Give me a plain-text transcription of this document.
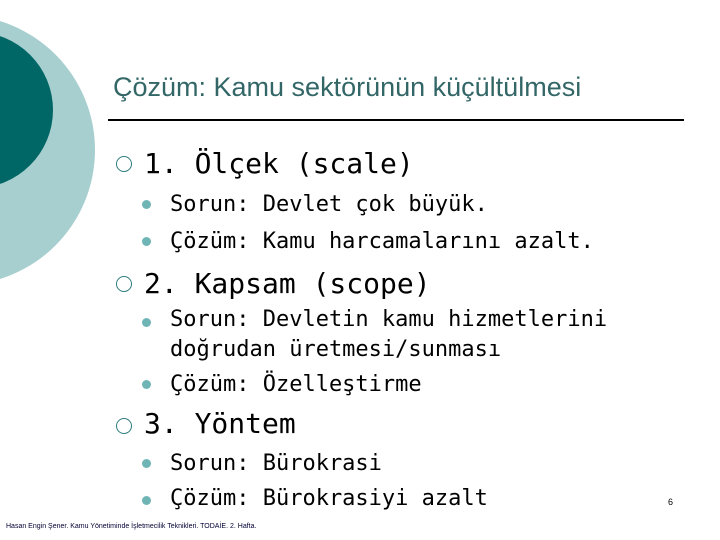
Çözüm: Kamu sektörünün küçültülmesi
1. Ölçek (scale)
Sorun: Devlet çok büyük.
Çözüm: Kamu harcamalarını azalt.
2. Kapsam (scope)
Sorun: Devletin kamu hizmetlerini
doğrudan üretmesi/sunması
Çözüm: Özelleştirme
3. Yöntem
Sorun: Bürokrasi
Çözüm: Bürokrasiyi azalt	6
Hasan Engin Şener. Kamu Yönetiminde İşletmecilik Teknikleri. TODAİE. 2. Hafta.
